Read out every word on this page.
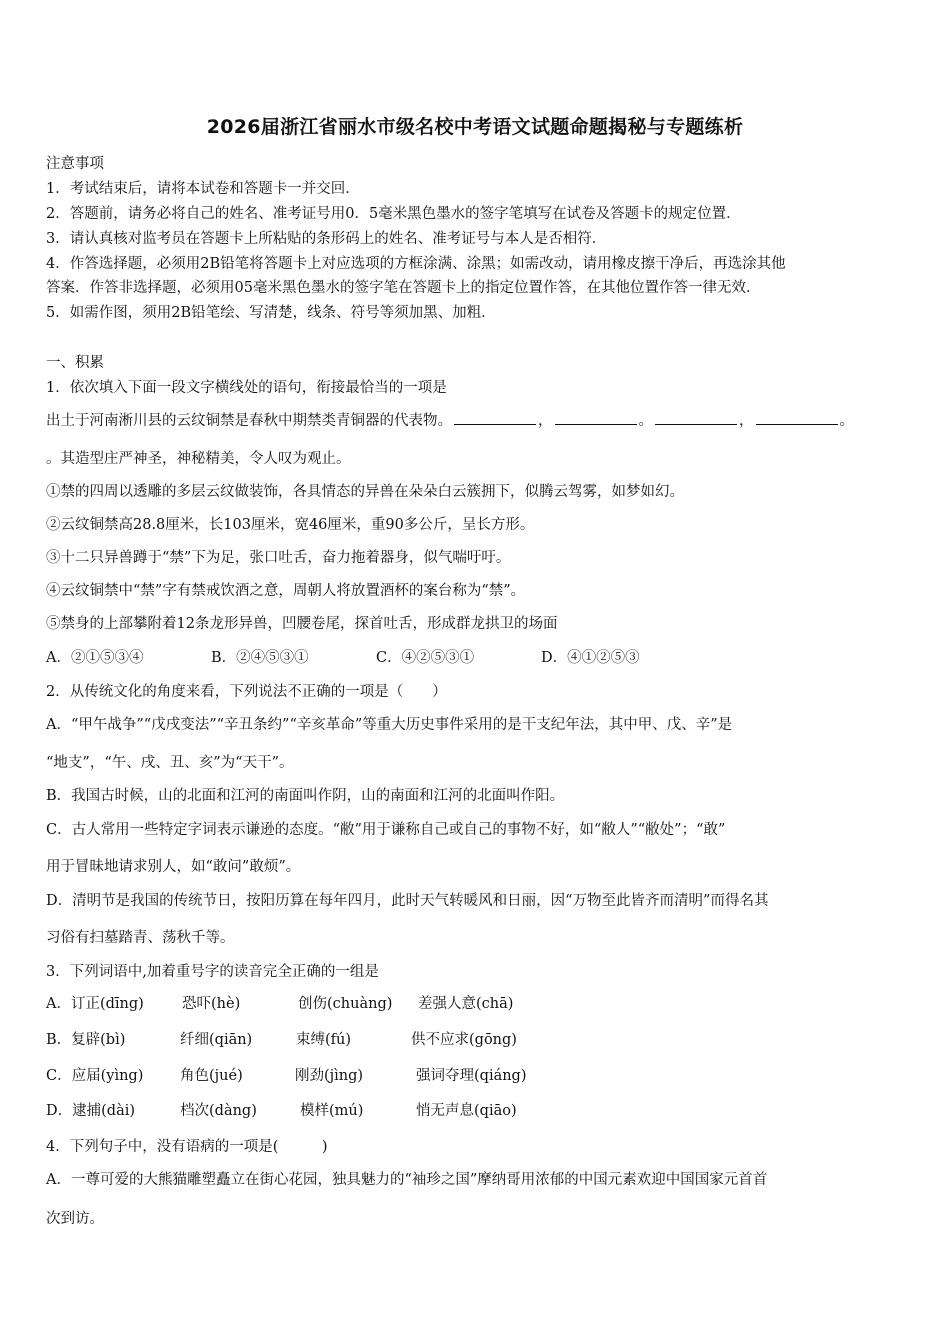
2026届浙江省丽水市级名校中考语文试题命题揭秘与专题练析
注意事项
1．考试结束后，请将本试卷和答题卡一并交回．
2．答题前，请务必将自己的姓名、准考证号用0．5毫米黑色墨水的签字笔填写在试卷及答题卡的规定位置．
3．请认真核对监考员在答题卡上所粘贴的条形码上的姓名、准考证号与本人是否相符．
4．作答选择题，必须用2B铅笔将答题卡上对应选项的方框涂满、涂黑；如需改动，请用橡皮擦干净后，再选涂其他
答案．作答非选择题，必须用05毫米黑色墨水的签字笔在答题卡上的指定位置作答，在其他位置作答一律无效．
5．如需作图，须用2B铅笔绘、写清楚，线条、符号等须加黑、加粗．
一、积累
1．依次填入下面一段文字横线处的语句，衔接最恰当的一项是
出土于河南淅川县的云纹铜禁是春秋中期禁类青铜器的代表物。	，	。	，	。
。其造型庄严神圣，神秘精美，令人叹为观止。
①禁的四周以透雕的多层云纹做装饰，各具情态的异兽在朵朵白云簇拥下，似腾云驾雾，如梦如幻。
②云纹铜禁高28.8厘米，长103厘米，宽46厘米，重90多公斤，呈长方形。
③十二只异兽蹲于“禁”下为足，张口吐舌，奋力拖着器身，似气喘吁吁。
④云纹铜禁中“禁”字有禁戒饮酒之意，周朝人将放置酒杯的案台称为“禁”。
⑤禁身的上部攀附着12条龙形异兽，凹腰卷尾，探首吐舌，形成群龙拱卫的场面
A．②①⑤③④	B．②④⑤③①	C．④②⑤③①	D．④①②⑤③
2．从传统文化的角度来看，下列说法不正确的一项是（　　）
A．“甲午战争”“戊戌变法”“辛丑条约”“辛亥革命”等重大历史事件采用的是干支纪年法，其中甲、戊、辛”是
“地支”，“午、戌、丑、亥”为“天干”。
B．我国古时候，山的北面和江河的南面叫作阴，山的南面和江河的北面叫作阳。
C．古人常用一些特定字词表示谦逊的态度。“敝”用于谦称自己或自己的事物不好，如“敝人”“敝处”；“敢”
用于冒昧地请求别人，如“敢问”敢烦”。
D．清明节是我国的传统节日，按阳历算在每年四月，此时天气转暖风和日丽，因“万物至此皆齐而清明”而得名其
习俗有扫墓踏青、荡秋千等。
3．下列词语中,加着重号字的读音完全正确的一组是
A．订正(dīng)	恐吓(hè)	创伤(chuàng) 差强人意(chā)
B．复辟(bì)	纤细(qiān)	束缚(fú)	供不应求(gōng)
C．应届(yìng)	角色(jué)	刚劲(jìng)	强词夺理(qiáng)
D．逮捕(dài)	档次(dàng)	模样(mú)	悄无声息(qiāo)
4．下列句子中，没有语病的一项是(　　　)
A．一尊可爱的大熊猫雕塑矗立在街心花园，独具魅力的“袖珍之国”摩纳哥用浓郁的中国元素欢迎中国国家元首首
次到访。
